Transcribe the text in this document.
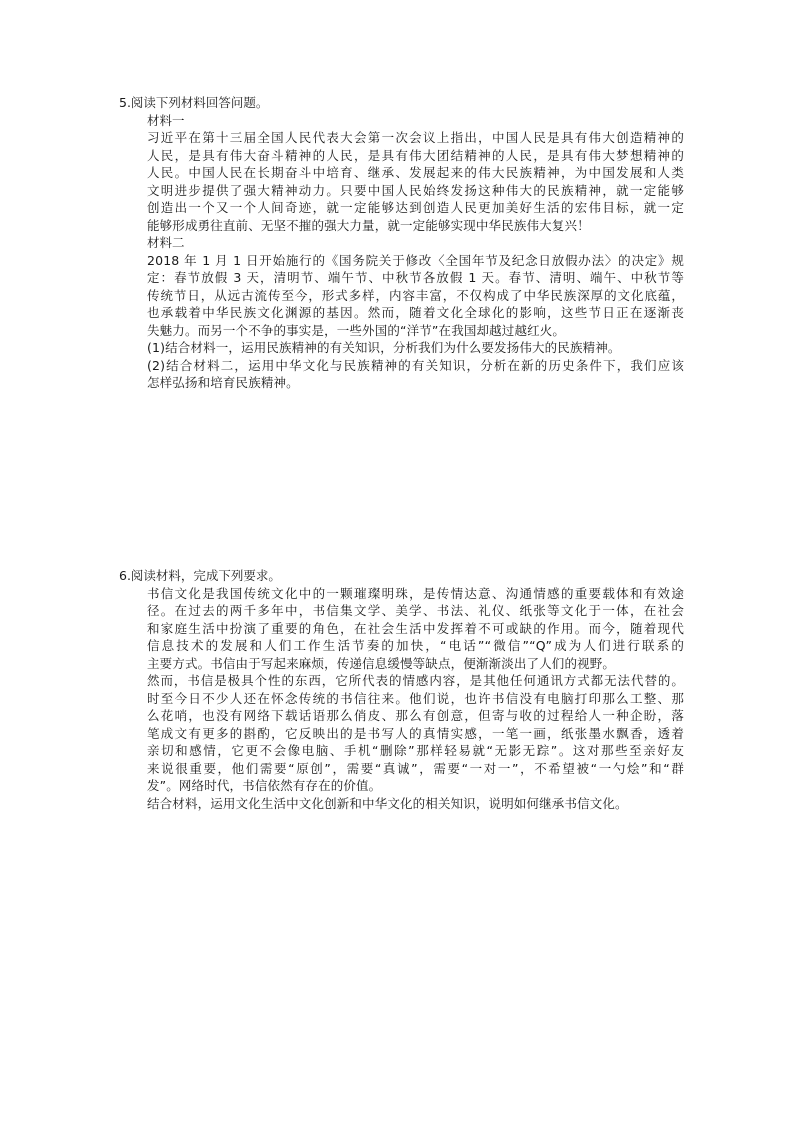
5.阅读下列材料回答问题。
材料一
习近平在第十三届全国人民代表大会第一次会议上指出，中国人民是具有伟大创造精神的
人民，是具有伟大奋斗精神的人民，是具有伟大团结精神的人民，是具有伟大梦想精神的
人民。中国人民在长期奋斗中培育、继承、发展起来的伟大民族精神，为中国发展和人类
文明进步提供了强大精神动力。只要中国人民始终发扬这种伟大的民族精神，就一定能够
创造出一个又一个人间奇迹，就一定能够达到创造人民更加美好生活的宏伟目标，就一定
能够形成勇往直前、无坚不摧的强大力量，就一定能够实现中华民族伟大复兴！
材料二
2018 年 1 月 1 日开始施行的《国务院关于修改〈全国年节及纪念日放假办法〉的决定》规
定：春节放假 3 天，清明节、端午节、中秋节各放假 1 天。春节、清明、端午、中秋节等
传统节日，从远古流传至今，形式多样，内容丰富，不仅构成了中华民族深厚的文化底蕴，
也承载着中华民族文化渊源的基因。然而，随着文化全球化的影响，这些节日正在逐渐丧
失魅力。而另一个不争的事实是，一些外国的“洋节”在我国却越过越红火。
(1)结合材料一，运用民族精神的有关知识，分析我们为什么要发扬伟大的民族精神。
(2)结合材料二，运用中华文化与民族精神的有关知识，分析在新的历史条件下，我们应该
怎样弘扬和培育民族精神。
6.阅读材料，完成下列要求。
书信文化是我国传统文化中的一颗璀璨明珠，是传情达意、沟通情感的重要载体和有效途
径。在过去的两千多年中，书信集文学、美学、书法、礼仪、纸张等文化于一体，在社会
和家庭生活中扮演了重要的角色，在社会生活中发挥着不可或缺的作用。而今，随着现代
信息技术的发展和人们工作生活节奏的加快，“电话”“微信”“Q”成为人们进行联系的
主要方式。书信由于写起来麻烦，传递信息缓慢等缺点，便渐渐淡出了人们的视野。
然而，书信是极具个性的东西，它所代表的情感内容，是其他任何通讯方式都无法代替的。
时至今日不少人还在怀念传统的书信往来。他们说，也许书信没有电脑打印那么工整、那
么花哨，也没有网络下载话语那么俏皮、那么有创意，但寄与收的过程给人一种企盼，落
笔成文有更多的斟酌，它反映出的是书写人的真情实感，一笔一画，纸张墨水飘香，透着
亲切和感情，它更不会像电脑、手机“删除”那样轻易就“无影无踪”。这对那些至亲好友
来说很重要，他们需要“原创”，需要“真诚”，需要“一对一”，不希望被“一勺烩”和“群
发”。网络时代，书信依然有存在的价值。
结合材料，运用文化生活中文化创新和中华文化的相关知识，说明如何继承书信文化。
